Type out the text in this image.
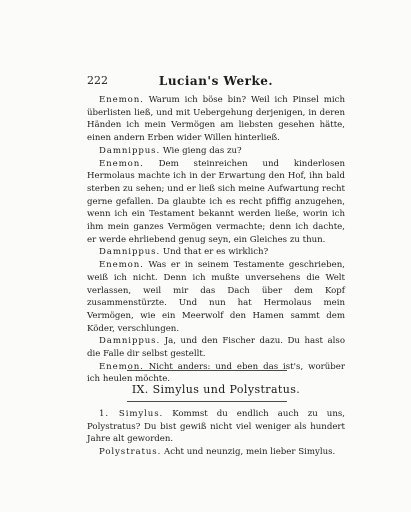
222	Lucian's Werke.

Enemon. Warum ich böse bin? Weil ich Pinsel mich überlisten ließ, und mit Uebergehung derjenigen, in deren Händen ich mein Vermögen am liebsten gesehen hätte, einen andern Erben wider Willen hinterließ.

Damnippus. Wie gieng das zu?

Enemon. Dem steinreichen und kinderlosen Hermolaus machte ich in der Erwartung den Hof, ihn bald sterben zu sehen; und er ließ sich meine Aufwartung recht gerne gefallen. Da glaubte ich es recht pfiffig anzugehen, wenn ich ein Testament bekannt werden ließe, worin ich ihm mein ganzes Vermögen vermachte; denn ich dachte, er werde ehrliebend genug seyn, ein Gleiches zu thun.

Damnippus. Und that er es wirklich?

Enemon. Was er in seinem Testamente geschrieben, weiß ich nicht. Denn ich mußte unversehens die Welt verlassen, weil mir das Dach über dem Kopf zusammenstürzte. Und nun hat Hermolaus mein Vermögen, wie ein Meerwolf den Hamen sammt dem Köder, verschlungen.

Damnippus. Ja, und den Fischer dazu. Du hast also die Falle dir selbst gestellt.

Enemon. Nicht anders: und eben das ist's, worüber ich heulen möchte.

IX. Simylus und Polystratus.

1. Simylus. Kommst du endlich auch zu uns, Polystratus? Du bist gewiß nicht viel weniger als hundert Jahre alt geworden.

Polystratus. Acht und neunzig, mein lieber Simylus.
